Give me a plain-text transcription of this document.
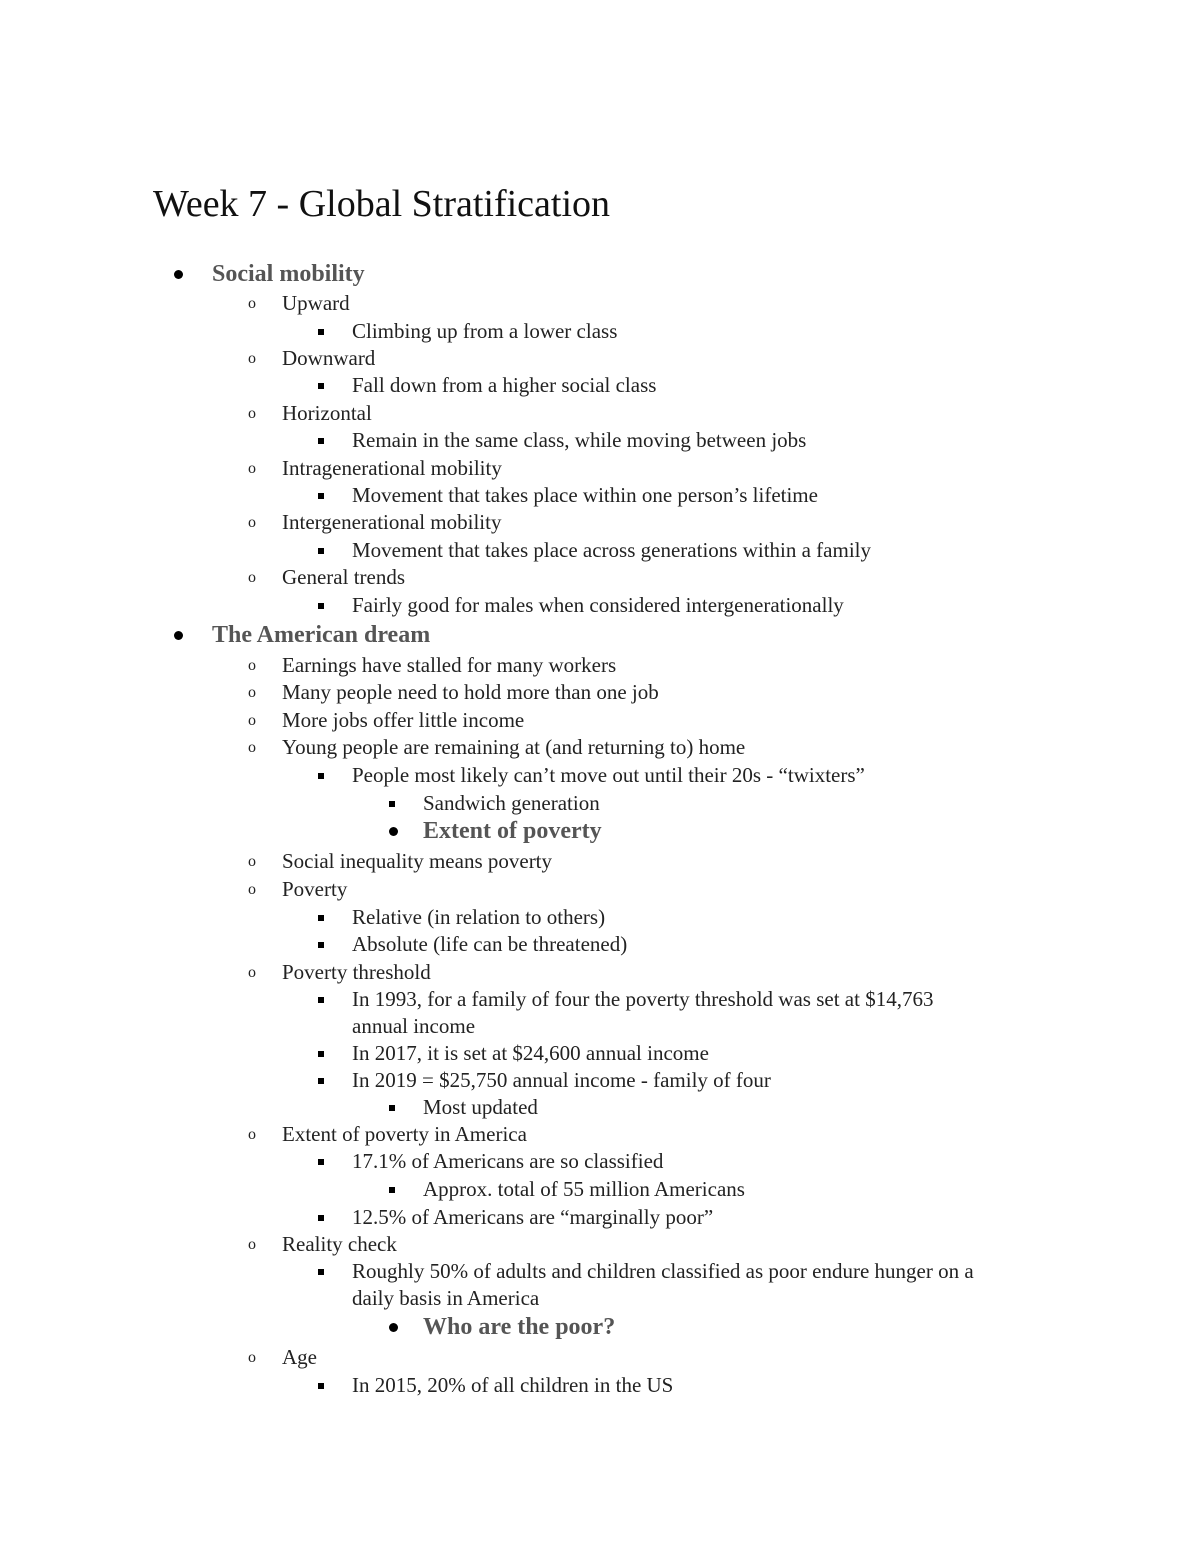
Week 7 - Global Stratification
Social mobility
o Upward
Climbing up from a lower class
o Downward
Fall down from a higher social class
o Horizontal
Remain in the same class, while moving between jobs
o Intragenerational mobility
Movement that takes place within one person’s lifetime
o Intergenerational mobility
Movement that takes place across generations within a family
o General trends
Fairly good for males when considered intergenerationally
The American dream
o Earnings have stalled for many workers
o Many people need to hold more than one job
o More jobs offer little income
o Young people are remaining at (and returning to) home
People most likely can’t move out until their 20s - “twixters”
Sandwich generation
Extent of poverty
o Social inequality means poverty
o Poverty
Relative (in relation to others)
Absolute (life can be threatened)
o Poverty threshold
In 1993, for a family of four the poverty threshold was set at $14,763
annual income
In 2017, it is set at $24,600 annual income
In 2019 = $25,750 annual income - family of four
Most updated
o Extent of poverty in America
17.1% of Americans are so classified
Approx. total of 55 million Americans
12.5% of Americans are “marginally poor”
o Reality check
Roughly 50% of adults and children classified as poor endure hunger on a
daily basis in America
Who are the poor?
o Age
In 2015, 20% of all children in the US
